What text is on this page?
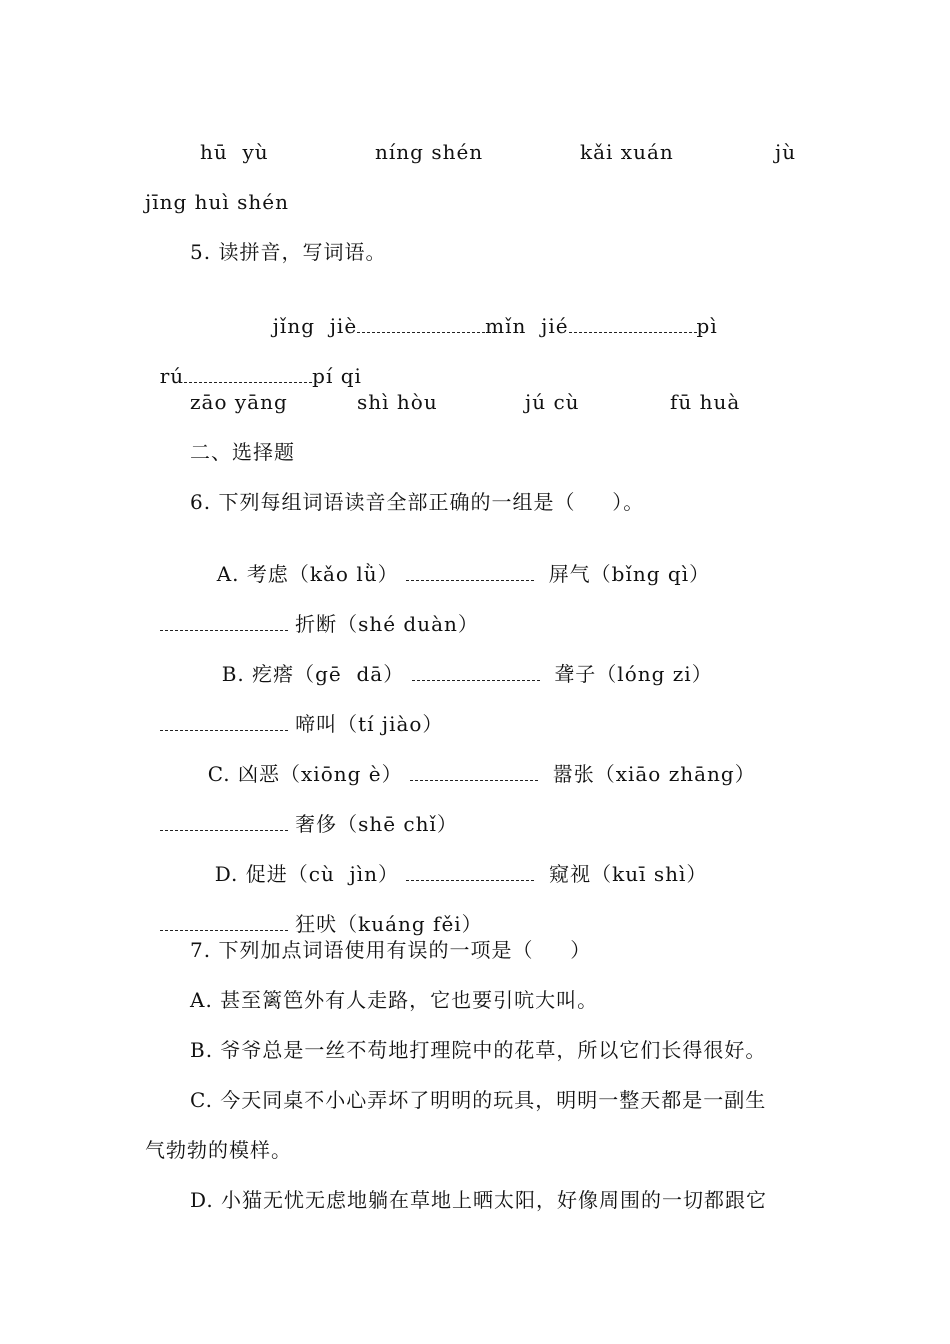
hū  yù	níng shén	kǎi xuán	jù
jīng huì shén
5. 读拼音，写词语。

jǐng  jiè	mǐn  jié	pì

rú	pí qi

zāo yāng	shì hòu	jú cù	fū huà
二、选择题
6. 下列每组词语读音全部正确的一组是（     ）。

A. 考虑（kǎo lǜ）	屏气（bǐng qì）

折断（shé duàn）

B. 疙瘩（gē  dā）	聋子（lóng zi）

啼叫（tí jiào）

C. 凶恶（xiōng è）	嚣张（xiāo zhāng）

奢侈（shē chǐ）

D. 促进（cù  jìn）	窥视（kuī shì）

狂吠（kuáng fěi）

7. 下列加点词语使用有误的一项是（     ）
A. 甚至篱笆外有人走路，它也要引吭大叫。
B. 爷爷总是一丝不苟地打理院中的花草，所以它们长得很好。
C. 今天同桌不小心弄坏了明明的玩具，明明一整天都是一副生
气勃勃的模样。
D. 小猫无忧无虑地躺在草地上晒太阳，好像周围的一切都跟它
